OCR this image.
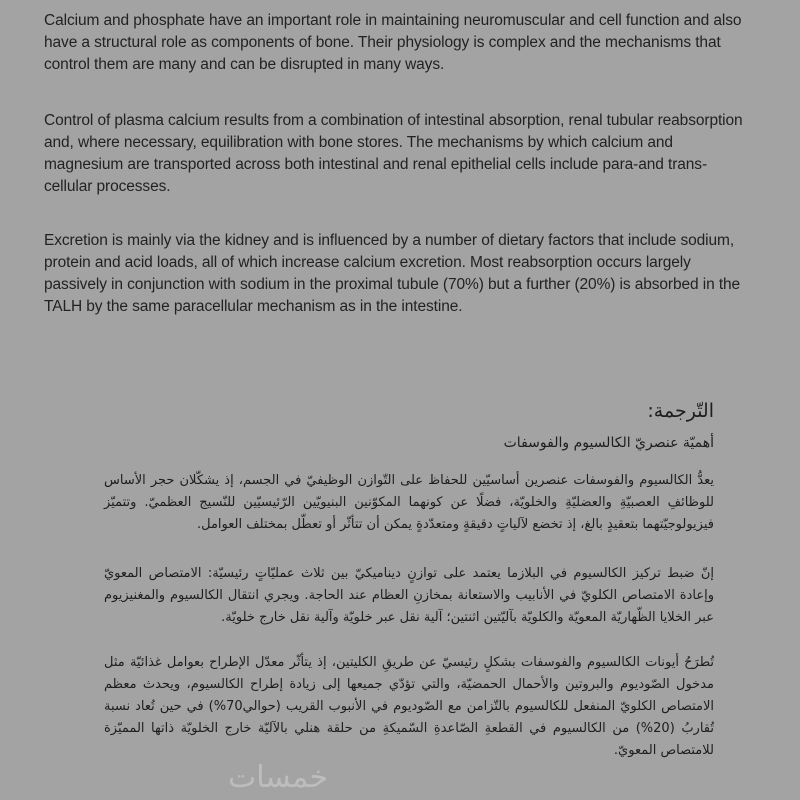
Calcium and phosphate have an important role in maintaining neuromuscular and cell function and also have a structural role as components of bone. Their physiology is complex and the mechanisms that control them are many and can be disrupted in many ways.

Control of plasma calcium results from a combination of intestinal absorption, renal tubular reabsorption and, where necessary, equilibration with bone stores. The mechanisms by which calcium and magnesium are transported across both intestinal and renal epithelial cells include para-and trans-cellular processes.

Excretion is mainly via the kidney and is influenced by a number of dietary factors that include sodium, protein and acid loads, all of which increase calcium excretion. Most reabsorption occurs largely passively in conjunction with sodium in the proximal tubule (70%) but a further (20%) is absorbed in the TALH by the same paracellular mechanism as in the intestine.

التّرجمة:
أهميّة عنصريّ الكالسيوم والفوسفات
يعدُّ الكالسيوم والفوسفات عنصرين أساسيّين للحفاظ على التّوازن الوظيفيّ في الجسم، إذ يشكّلان حجر الأساس للوظائفِ العصبيّةِ والعضليّةِ والخلويّة، فضلًا عن كونهما المكوّنين البنيويّين الرّئيسيّين للنّسيج العظميّ. وتتميّز فيزيولوجيّتهما بتعقيدٍ بالغ، إذ تخضع لآلياتٍ دقيقةٍ ومتعدّدةٍ يمكن أن تتأثّر أو تعطّل بمختلف العوامل.
إنّ ضبط تركيز الكالسيوم في البلازما يعتمد على توازنٍ ديناميكيّ بين ثلاث عمليّاتٍ رئيسيّة: الامتصاص المعويّ وإعادة الامتصاص الكلويّ في الأنابيب والاستعانة بمخازنِ العظام عند الحاجة. ويجري انتقال الكالسيوم والمغنيزيوم عبر الخلايا الظّهاريّة المعويّة والكلويّة بآليّتين اثنتين؛ آلية نقل عبر خلويّة وآلية نقل خارج خلويّة.
تُطرَحُ أيونات الكالسيوم والفوسفات بشكلٍ رئيسيّ عن طريقِ الكليتين، إذ يتأثّر معدّل الإطراح بعوامل غذائيّة مثل مدخول الصّوديوم والبروتين والأحمال الحمضيّة، والتي تؤدّي جميعها إلى زيادة إطراح الكالسيوم، ويحدث معظم الامتصاص الكلويّ المنفعل للكالسيوم بالتّزامن مع الصّوديوم في الأنبوب القريب (حوالي70%) في حين تُعاد نسبة تُقاربُ (20%) من الكالسيوم في القطعةِ الصّاعدةِ السّميكةِ من حلقة هنلي بالآليّة خارج الخلويّة ذاتها المميّزة للامتصاص المعويّ.
خمسات
